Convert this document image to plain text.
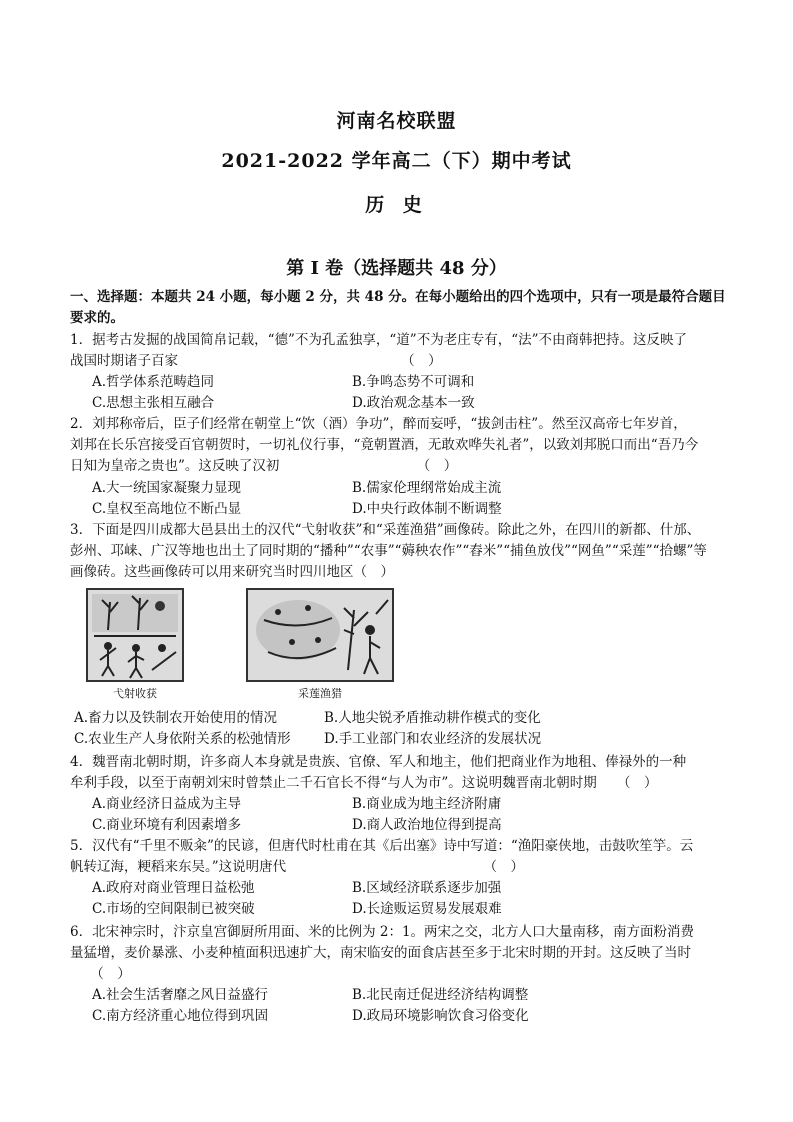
河南名校联盟
2021-2022 学年高二（下）期中考试
历 史
第 I 卷（选择题共 48 分）
一、选择题：本题共 24 小题，每小题 2 分，共 48 分。在每小题给出的四个选项中，只有一项是最符合题目要求的。
1．据考古发掘的战国简帛记载，“德”不为孔孟独享，“道”不为老庄专有，“法”不由商韩把持。这反映了
战国时期诸子百家                                                    （　）
A.哲学体系范畴趋同	B.争鸣态势不可调和
C.思想主张相互融合	D.政治观念基本一致
2．刘邦称帝后，臣子们经常在朝堂上“饮（酒）争功”，醉而妄呼，“拔剑击柱”。然至汉高帝七年岁首，
刘邦在长乐宫接受百官朝贺时，一切礼仪行事，“竟朝置酒，无敢欢哗失礼者”，以致刘邦脱口而出“吾乃今
日知为皇帝之贵也”。这反映了汉初                                （　）
A.大一统国家凝聚力显现	B.儒家伦理纲常始成主流
C.皇权至高地位不断凸显	D.中央行政体制不断调整
3．下面是四川成都大邑县出土的汉代“弋射收获”和“采莲渔猎”画像砖。除此之外，在四川的新都、什邡、
彭州、邛崃、广汉等地也出土了同时期的“播种”“农事”“薅秧农作”“舂米”“捕鱼放伐”“网鱼”“采莲”“拾螺”等
画像砖。这些画像砖可以用来研究当时四川地区（　）
弋射收获	采莲渔猎
A.畜力以及铁制农开始使用的情况	B.人地尖锐矛盾推动耕作模式的变化
C.农业生产人身依附关系的松弛情形 D.手工业部门和农业经济的发展状况
4．魏晋南北朝时期，许多商人本身就是贵族、官僚、军人和地主，他们把商业作为地租、俸禄外的一种
牟利手段，以至于南朝刘宋时曾禁止二千石官长不得“与人为市”。这说明魏晋南北朝时期　　（　）
A.商业经济日益成为主导	B.商业成为地主经济附庸
C.商业环境有利因素增多	D.商人政治地位得到提高
5．汉代有“千里不贩籴”的民谚，但唐代时杜甫在其《后出塞》诗中写道：“渔阳豪侠地，击鼓吹笙竽。云
帆转辽海，粳稻来东吴。”这说明唐代                                              （　）
A.政府对商业管理日益松弛	B.区域经济联系逐步加强
C.市场的空间限制已被突破	D.长途贩运贸易发展艰难
6．北宋神宗时，汴京皇宫御厨所用面、米的比例为 2：1。两宋之交，北方人口大量南移，南方面粉消费
量猛增，麦价暴涨、小麦种植面积迅速扩大，南宋临安的面食店甚至多于北宋时期的开封。这反映了当时
　　（　）
A.社会生活奢靡之风日益盛行	B.北民南迁促进经济结构调整
C.南方经济重心地位得到巩固	D.政局环境影响饮食习俗变化
